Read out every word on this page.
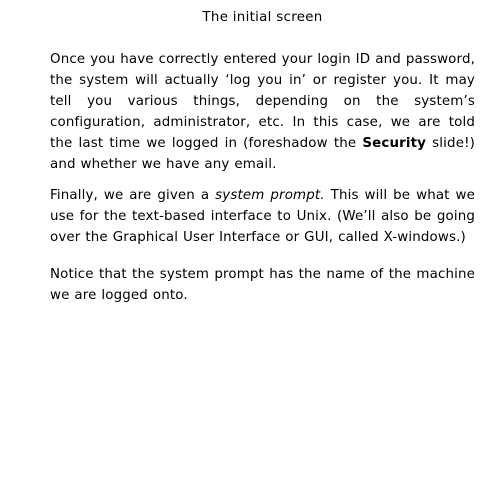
The initial screen

Once you have correctly entered your login ID and password, the system will actually ‘log you in’ or register you. It may tell you various things, depending on the system’s configuration, administrator, etc. In this case, we are told the last time we logged in (foreshadow the Security slide!) and whether we have any email.

Finally, we are given a system prompt. This will be what we use for the text-based interface to Unix. (We’ll also be going over the Graphical User Interface or GUI, called X-windows.)

Notice that the system prompt has the name of the machine we are logged onto.
